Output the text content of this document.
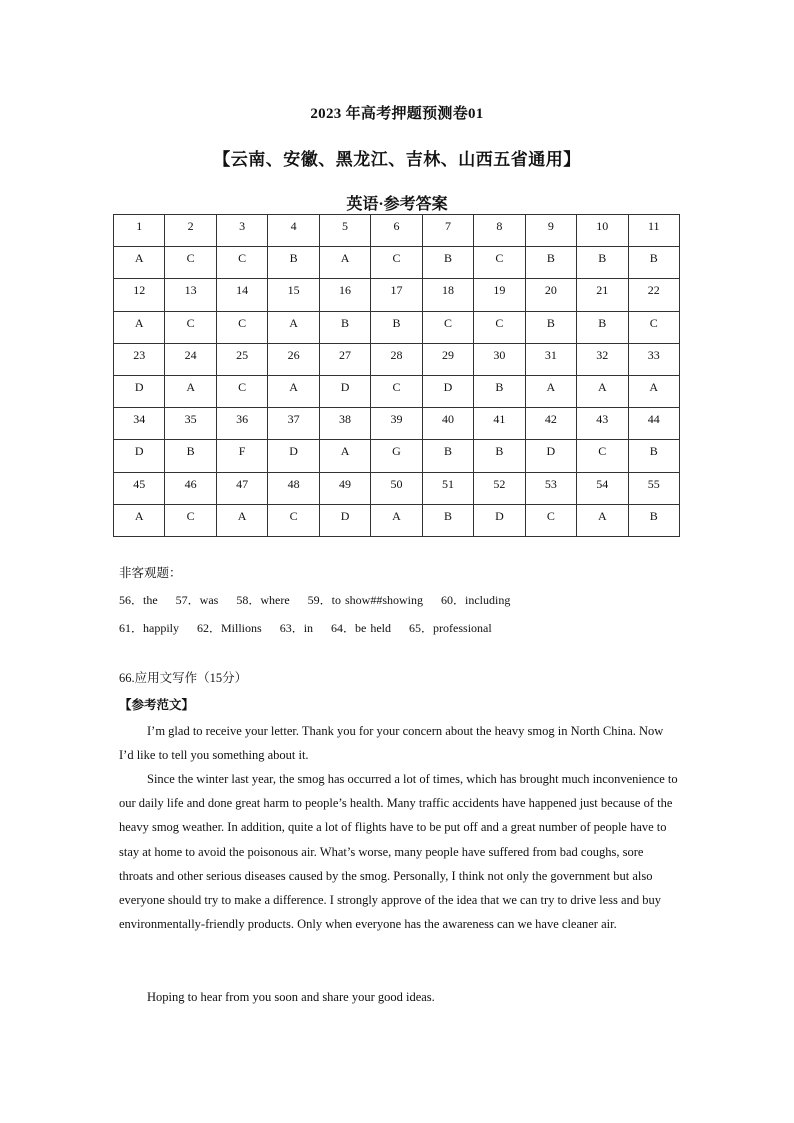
2023 年高考押题预测卷01
【云南、安徽、黑龙江、吉林、山西五省通用】
英语·参考答案
1	2	3	4	5	6	7	8	9	10	11
A	C	C	B	A	C	B	C	B	B	B
12	13	14	15	16	17	18	19	20	21	22
A	C	C	A	B	B	C	C	B	B	C
23	24	25	26	27	28	29	30	31	32	33
D	A	C	A	D	C	D	B	A	A	A
34	35	36	37	38	39	40	41	42	43	44
D	B	F	D	A	G	B	B	D	C	B
45	46	47	48	49	50	51	52	53	54	55
A	C	A	C	D	A	B	D	C	A	B
非客观题：
56．the 57．was 58．where 59．to show##showing 60．including
61．happily 62．Millions 63．in 64．be held 65．professional
66.应用文写作（15分）
【参考范文】
I’m glad to receive your letter. Thank you for your concern about the heavy smog in North China. Now I’d like to tell you something about it.
Since the winter last year, the smog has occurred a lot of times, which has brought much inconvenience to our daily life and done great harm to people’s health. Many traffic accidents have happened just because of the heavy smog weather. In addition, quite a lot of flights have to be put off and a great number of people have to stay at home to avoid the poisonous air. What’s worse, many people have suffered from bad coughs, sore throats and other serious diseases caused by the smog. Personally, I think not only the government but also everyone should try to make a difference. I strongly approve of the idea that we can try to drive less and buy environmentally-friendly products. Only when everyone has the awareness can we have cleaner air.
Hoping to hear from you soon and share your good ideas.
